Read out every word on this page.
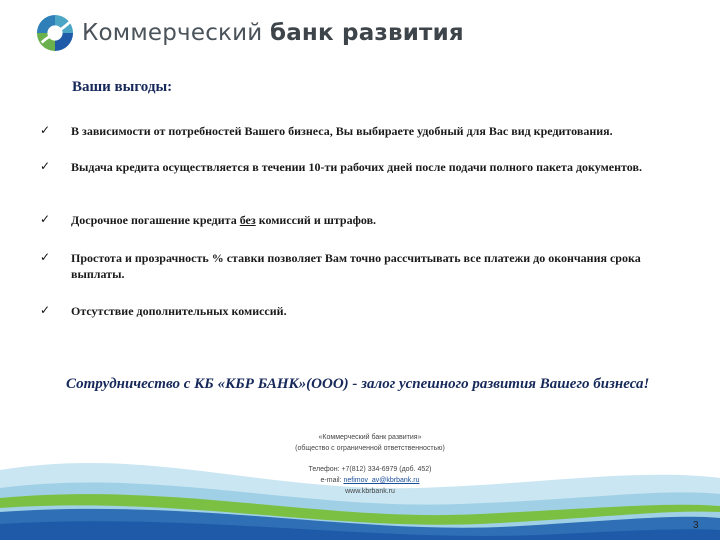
Коммерческий банк развития
Ваши выгоды:
✓ В зависимости от потребностей Вашего бизнеса, Вы выбираете удобный для Вас вид кредитования.
✓ Выдача кредита осуществляется в течении 10-ти рабочих дней после подачи полного пакета документов.
✓ Досрочное погашение кредита без комиссий и штрафов.
✓ Простота и прозрачность % ставки позволяет Вам точно рассчитывать все платежи до окончания срока выплаты.
✓ Отсутствие дополнительных комиссий.
Сотрудничество с КБ «КБР БАНК»(ООО) - залог успешного развития Вашего бизнеса!
«Коммерческий банк развития»
(общество с ограниченной ответственностью)
Телефон: +7(812) 334-6979 (доб. 452)
e-mail: nefimov_av@kbrbank.ru
www.kbrbank.ru
3
